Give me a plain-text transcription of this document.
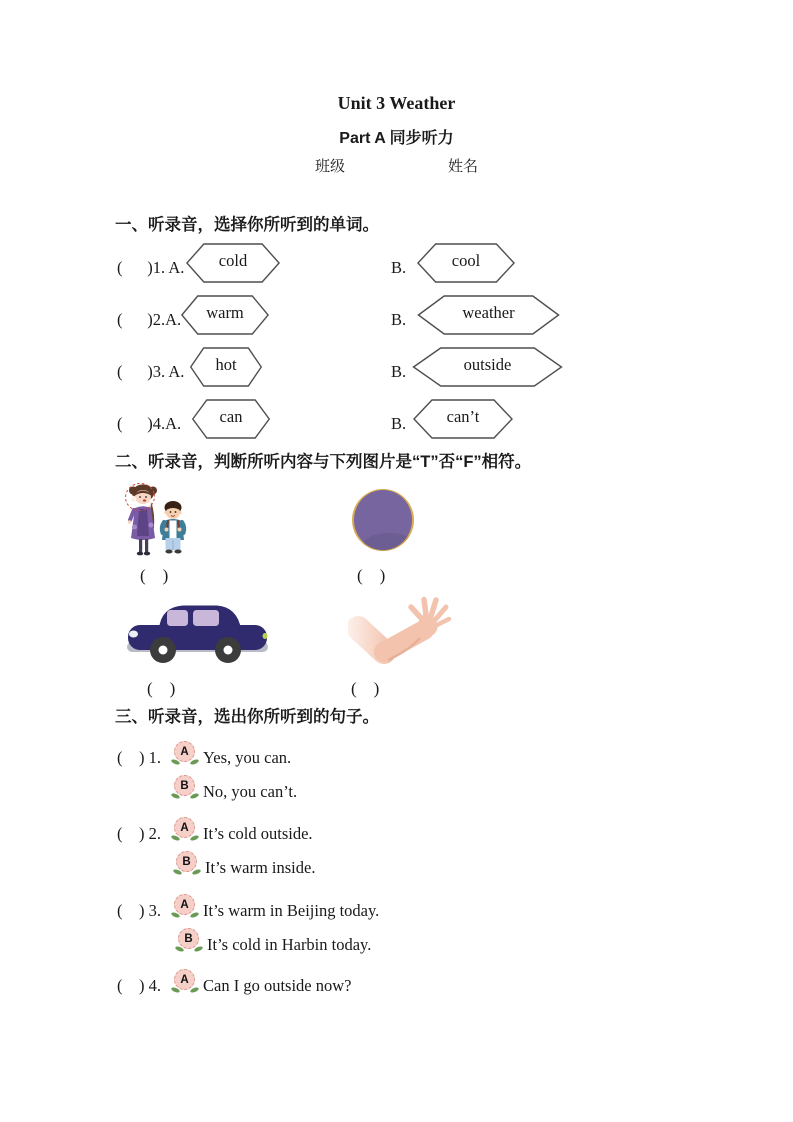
Unit 3 Weather
Part A 同步听力
班级	姓名
一、听录音，选择你所听到的单词。
(      )1. A.	cold	B.	cool
(      )2.A.	warm	B.	weather
(      )3. A.	hot	B.	outside
(      )4.A.	can	B.	can’t
二、听录音，判断所听内容与下列图片是“T”否“F”相符。
(    )	(    )
(    )	(    )
三、听录音，选出你所听到的句子。
(    ) 1.	A Yes, you can.
B No, you can’t.
(    ) 2.	A It’s cold outside.
B It’s warm inside.
(    ) 3.	A It’s warm in Beijing today.
B It’s cold in Harbin today.
(    ) 4.	A Can I go outside now?
